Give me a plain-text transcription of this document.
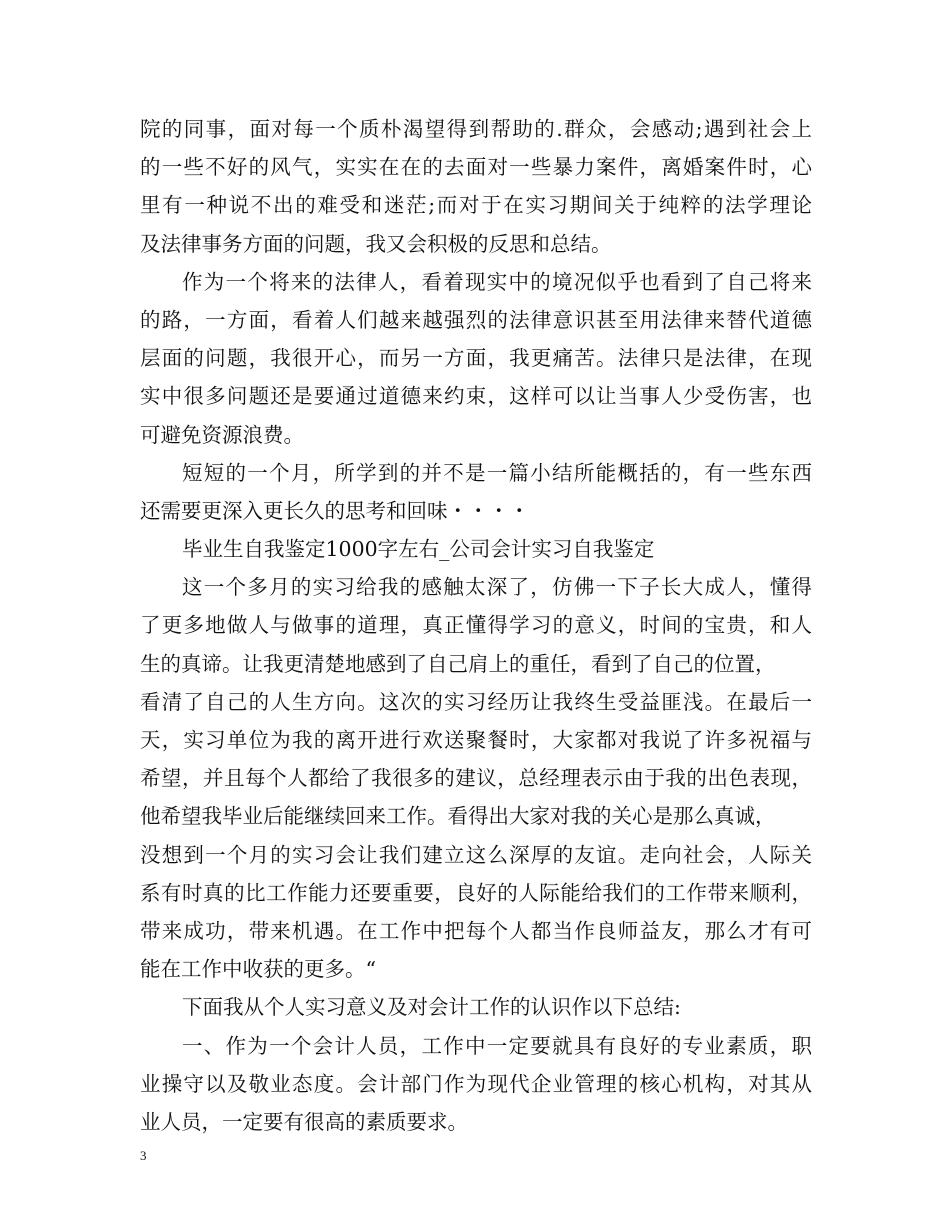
院的同事，面对每一个质朴渴望得到帮助的.群众，会感动;遇到社会上
的一些不好的风气，实实在在的去面对一些暴力案件，离婚案件时，心
里有一种说不出的难受和迷茫;而对于在实习期间关于纯粹的法学理论
及法律事务方面的问题，我又会积极的反思和总结。
作为一个将来的法律人，看着现实中的境况似乎也看到了自己将来
的路，一方面，看着人们越来越强烈的法律意识甚至用法律来替代道德
层面的问题，我很开心，而另一方面，我更痛苦。法律只是法律，在现
实中很多问题还是要通过道德来约束，这样可以让当事人少受伤害，也
可避免资源浪费。
短短的一个月，所学到的并不是一篇小结所能概括的，有一些东西
还需要更深入更长久的思考和回味・・・・
毕业生自我鉴定1000字左右_公司会计实习自我鉴定
这一个多月的实习给我的感触太深了，仿佛一下子长大成人，懂得
了更多地做人与做事的道理，真正懂得学习的意义，时间的宝贵，和人
生的真谛。让我更清楚地感到了自己肩上的重任，看到了自己的位置，
看清了自己的人生方向。这次的实习经历让我终生受益匪浅。在最后一
天，实习单位为我的离开进行欢送聚餐时，大家都对我说了许多祝福与
希望，并且每个人都给了我很多的建议，总经理表示由于我的出色表现，
他希望我毕业后能继续回来工作。看得出大家对我的关心是那么真诚，
没想到一个月的实习会让我们建立这么深厚的友谊。走向社会，人际关
系有时真的比工作能力还要重要，良好的人际能给我们的工作带来顺利，
带来成功，带来机遇。在工作中把每个人都当作良师益友，那么才有可
能在工作中收获的更多。“
下面我从个人实习意义及对会计工作的认识作以下总结:
一、作为一个会计人员，工作中一定要就具有良好的专业素质，职
业操守以及敬业态度。会计部门作为现代企业管理的核心机构，对其从
业人员，一定要有很高的素质要求。
3
